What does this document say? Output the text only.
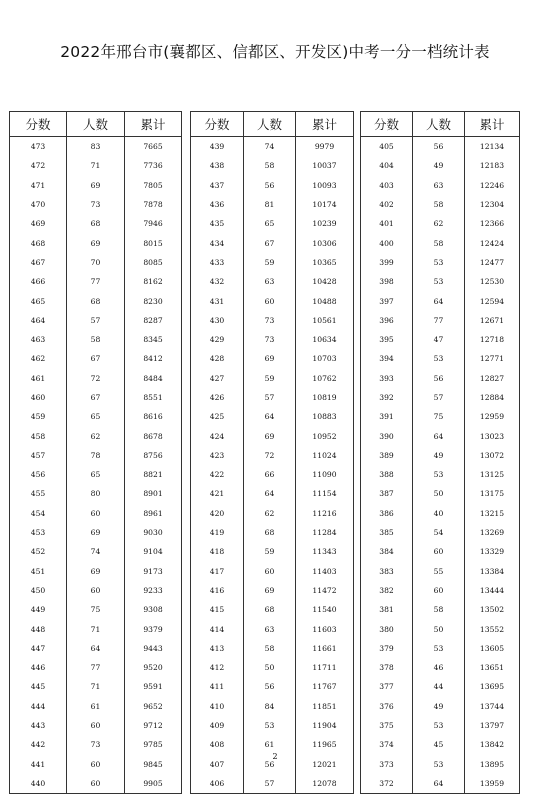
2022年邢台市(襄都区、信都区、开发区)中考一分一档统计表
分数	人数	累计
473	83	7665
472	71	7736
471	69	7805
470	73	7878
469	68	7946
468	69	8015
467	70	8085
466	77	8162
465	68	8230
464	57	8287
463	58	8345
462	67	8412
461	72	8484
460	67	8551
459	65	8616
458	62	8678
457	78	8756
456	65	8821
455	80	8901
454	60	8961
453	69	9030
452	74	9104
451	69	9173
450	60	9233
449	75	9308
448	71	9379
447	64	9443
446	77	9520
445	71	9591
444	61	9652
443	60	9712
442	73	9785
441	60	9845
440	60	9905
分数	人数	累计
439	74	9979
438	58	10037
437	56	10093
436	81	10174
435	65	10239
434	67	10306
433	59	10365
432	63	10428
431	60	10488
430	73	10561
429	73	10634
428	69	10703
427	59	10762
426	57	10819
425	64	10883
424	69	10952
423	72	11024
422	66	11090
421	64	11154
420	62	11216
419	68	11284
418	59	11343
417	60	11403
416	69	11472
415	68	11540
414	63	11603
413	58	11661
412	50	11711
411	56	11767
410	84	11851
409	53	11904
408	61	11965
407	56	12021
406	57	12078
分数	人数	累计
405	56	12134
404	49	12183
403	63	12246
402	58	12304
401	62	12366
400	58	12424
399	53	12477
398	53	12530
397	64	12594
396	77	12671
395	47	12718
394	53	12771
393	56	12827
392	57	12884
391	75	12959
390	64	13023
389	49	13072
388	53	13125
387	50	13175
386	40	13215
385	54	13269
384	60	13329
383	55	13384
382	60	13444
381	58	13502
380	50	13552
379	53	13605
378	46	13651
377	44	13695
376	49	13744
375	53	13797
374	45	13842
373	53	13895
372	64	13959
2
